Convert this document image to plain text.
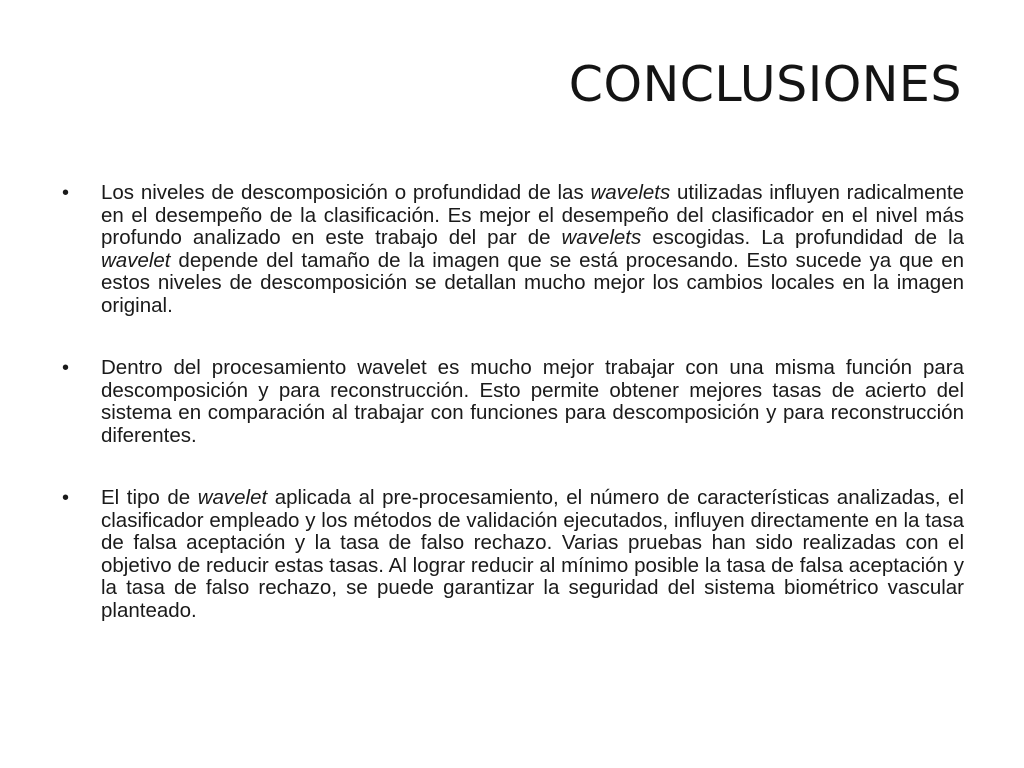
CONCLUSIONES
• Los niveles de descomposición o profundidad de las wavelets utilizadas influyen radicalmente en el desempeño de la clasificación. Es mejor el desempeño del clasificador en el nivel más profundo analizado en este trabajo del par de wavelets escogidas. La profundidad de la wavelet depende del tamaño de la imagen que se está procesando. Esto sucede ya que en estos niveles de descomposición se detallan mucho mejor los cambios locales en la imagen original.
• Dentro del procesamiento wavelet es mucho mejor trabajar con una misma función para descomposición y para reconstrucción. Esto permite obtener mejores tasas de acierto del sistema en comparación al trabajar con funciones para descomposición y para reconstrucción diferentes.
• El tipo de wavelet aplicada al pre-procesamiento, el número de características analizadas, el clasificador empleado y los métodos de validación ejecutados, influyen directamente en la tasa de falsa aceptación y la tasa de falso rechazo. Varias pruebas han sido realizadas con el objetivo de reducir estas tasas. Al lograr reducir al mínimo posible la tasa de falsa aceptación y la tasa de falso rechazo, se puede garantizar la seguridad del sistema biométrico vascular planteado.
